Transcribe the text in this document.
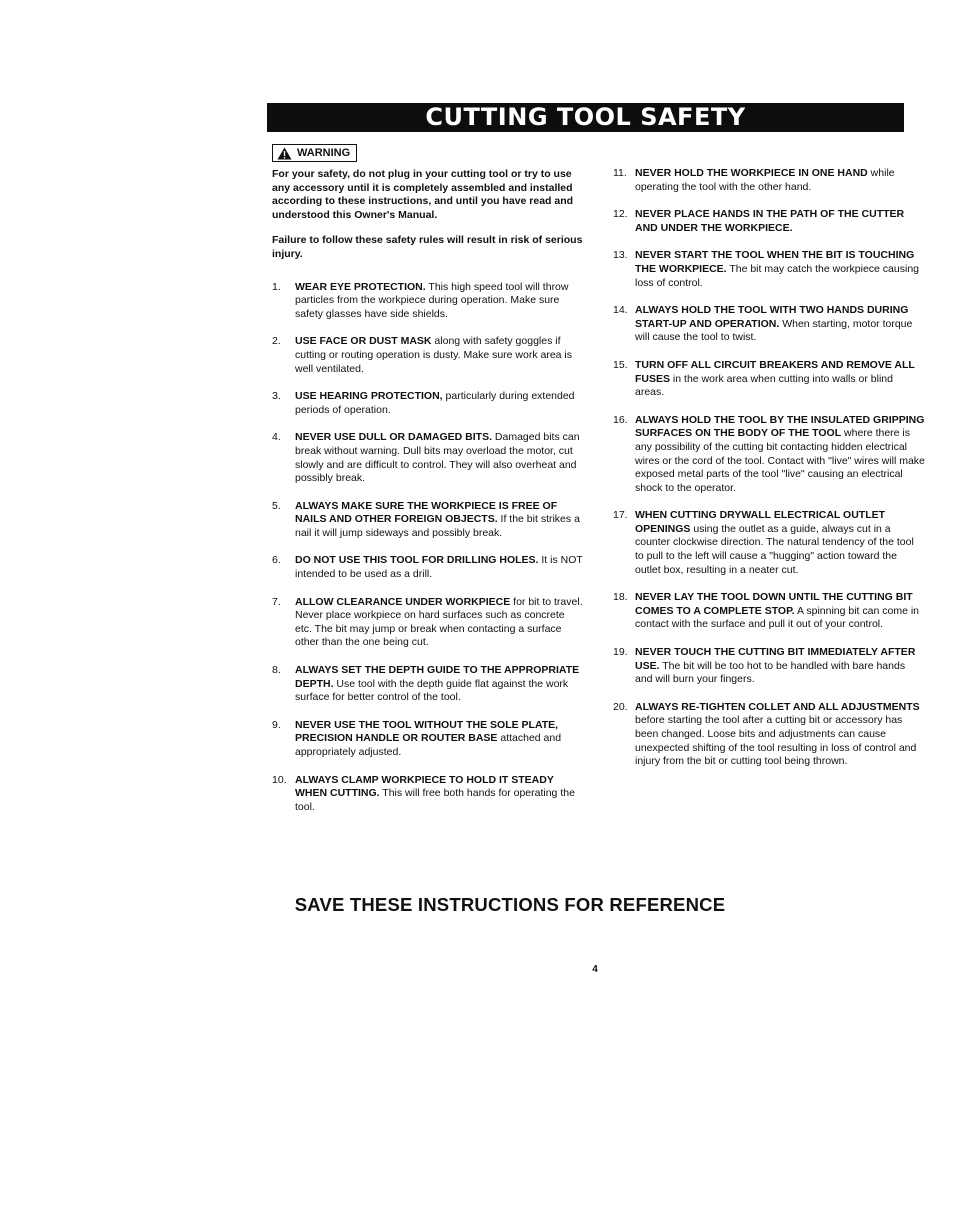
CUTTING TOOL SAFETY
WARNING

For your safety, do not plug in your cutting tool or try to use any accessory until it is completely assembled and installed according to these instructions, and until you have read and understood this Owner's Manual.

Failure to follow these safety rules will result in risk of serious injury.

1.	WEAR EYE PROTECTION. This high speed tool will throw particles from the workpiece during operation. Make sure safety glasses have side shields.
2.	USE FACE OR DUST MASK along with safety goggles if cutting or routing operation is dusty. Make sure work area is well ventilated.
3.	USE HEARING PROTECTION, particularly during extended periods of operation.
4.	NEVER USE DULL OR DAMAGED BITS. Damaged bits can break without warning. Dull bits may overload the motor, cut slowly and are difficult to control. They will also overheat and possibly break.
5.	ALWAYS MAKE SURE THE WORKPIECE IS FREE OF NAILS AND OTHER FOREIGN OBJECTS. If the bit strikes a nail it will jump sideways and possibly break.
6.	DO NOT USE THIS TOOL FOR DRILLING HOLES. It is NOT intended to be used as a drill.
7.	ALLOW CLEARANCE UNDER WORKPIECE for bit to travel. Never place workpiece on hard surfaces such as concrete etc. The bit may jump or break when contacting a surface other than the one being cut.
8.	ALWAYS SET THE DEPTH GUIDE TO THE APPROPRIATE DEPTH. Use tool with the depth guide flat against the work surface for better control of the tool.
9.	NEVER USE THE TOOL WITHOUT THE SOLE PLATE, PRECISION HANDLE OR ROUTER BASE attached and appropriately adjusted.
10. ALWAYS CLAMP WORKPIECE TO HOLD IT STEADY WHEN CUTTING. This will free both hands for operating the tool.
11. NEVER HOLD THE WORKPIECE IN ONE HAND while operating the tool with the other hand.
12. NEVER PLACE HANDS IN THE PATH OF THE CUTTER AND UNDER THE WORKPIECE.
13. NEVER START THE TOOL WHEN THE BIT IS TOUCHING THE WORKPIECE. The bit may catch the workpiece causing loss of control.
14. ALWAYS HOLD THE TOOL WITH TWO HANDS DURING START-UP AND OPERATION. When starting, motor torque will cause the tool to twist.
15. TURN OFF ALL CIRCUIT BREAKERS AND REMOVE ALL FUSES in the work area when cutting into walls or blind areas.
16. ALWAYS HOLD THE TOOL BY THE INSULATED GRIPPING SURFACES ON THE BODY OF THE TOOL where there is any possibility of the cutting bit contacting hidden electrical wires or the cord of the tool. Contact with "live" wires will make exposed metal parts of the tool "live" causing an electrical shock to the operator.
17. WHEN CUTTING DRYWALL ELECTRICAL OUTLET OPENINGS using the outlet as a guide, always cut in a counter clockwise direction. The natural tendency of the tool to pull to the left will cause a "hugging" action toward the outlet box, resulting in a neater cut.
18. NEVER LAY THE TOOL DOWN UNTIL THE CUTTING BIT COMES TO A COMPLETE STOP. A spinning bit can come in contact with the surface and pull it out of your control.
19. NEVER TOUCH THE CUTTING BIT IMMEDIATELY AFTER USE. The bit will be too hot to be handled with bare hands and will burn your fingers.
20. ALWAYS RE-TIGHTEN COLLET AND ALL ADJUSTMENTS before starting the tool after a cutting bit or accessory has been changed. Loose bits and adjustments can cause unexpected shifting of the tool resulting in loss of control and injury from the bit or cutting tool being thrown.
SAVE THESE INSTRUCTIONS FOR REFERENCE
4
